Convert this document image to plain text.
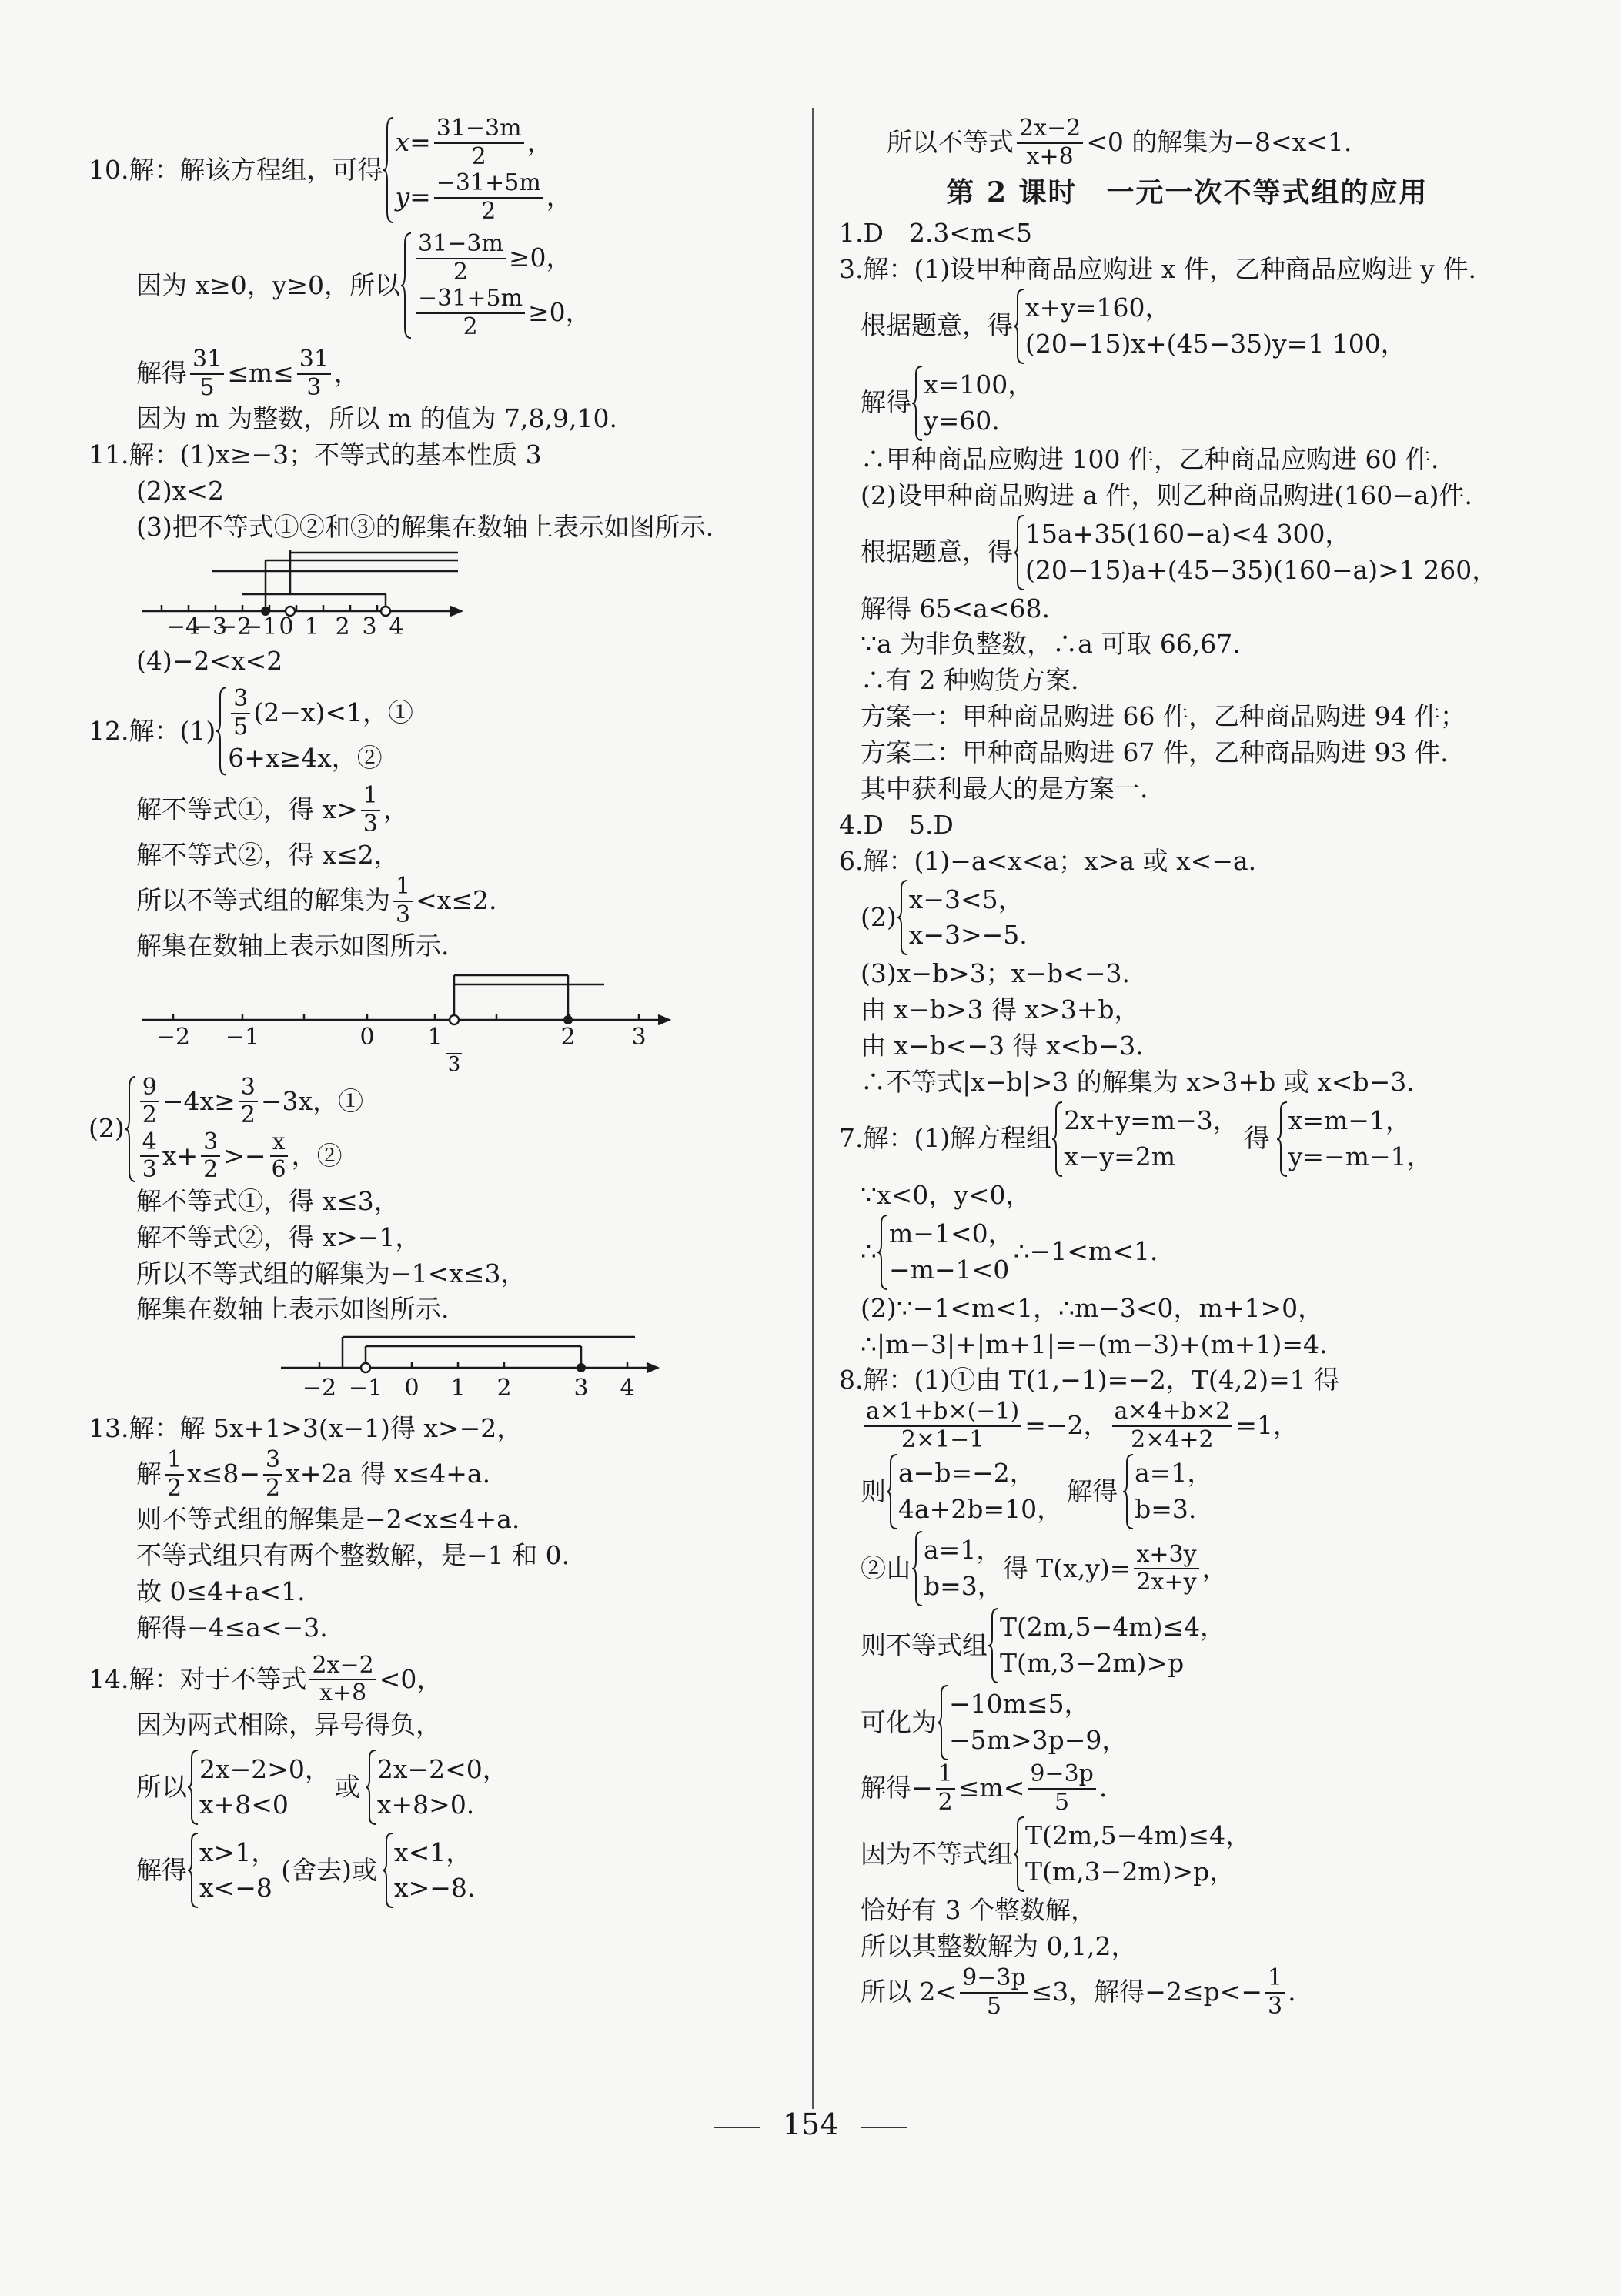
10.解：解该方程组，可得
$x= \frac{31-3m}{2}$ ，
$y= \frac{-31+5m}{2}$ ，
因为 x≥0，y≥0，所以 $\frac{31-3m}{2} \ge 0$，
$\frac{-31+5m}{2} \ge 0$，
解得 $\frac{31}{5} \le m\le \frac{31}{3}$ ，
因为 m 为整数，所以 m 的值为 7,8,9,10.
11.解：(1)x≥−3；不等式的基本性质 3
(2)x<2
(3)把不等式①②和③的解集在数轴上表示如图所示.
−4
−3
−2
−1 0 1 2 3 4
(4)−2<x<2
12.解：$(1) \frac{3}{5} (2-x)<1$，①
6+x≥4x，②
解不等式①，得 $x> \frac{1}{3}$ ，
解不等式②，得 x≤2，
所以不等式组的解集为 $\frac{1}{3} <x\le 2$.
解集在数轴上表示如图所示.
−2 −1	0 1	2 3
3
$(2) \frac{9}{2} -4x\ge \frac{3}{2} -3x$，①
$\frac{4}{3} x+ \frac{3}{2} >- \frac{x}{6}$ ，②
解不等式①，得 x≤3，
解不等式②，得 x>−1，
所以不等式组的解集为−1<x≤3，
解集在数轴上表示如图所示.
−2 −1 0 1 2	3 4
13.解：解 5x+1>3(x−1)得 x>−2，
解 $\frac{1}{2} x\le 8- \frac{3}{2} x+2a$ 得 x≤4+a.
则不等式组的解集是−2<x≤4+a.
不等式组只有两个整数解，是−1 和 0.
故 0≤4+a<1.
解得−4≤a<−3.
14.解：对于不等式 $\frac{2x-2}{x+8} <0$，
因为两式相除，异号得负，
所以
2x−2>0，
x+8<0
或
2x−2<0，
x+8>0.
解得
x>1，
x<−8
(舍去)或
x<1，
x>−8.
所以不等式 $\frac{2x-2}{x+8} <0$ 的解集为−8<x<1.
第 2 课时　一元一次不等式组的应用
1.D　2.3<m<5
3.解：(1)设甲种商品应购进 x 件，乙种商品应购进 y 件.
根据题意，得
x+y=160，
(20−15)x+(45−35)y=1 100，
解得
x=100，
y=60.
∴甲种商品应购进 100 件，乙种商品应购进 60 件.
(2)设甲种商品购进 a 件，则乙种商品购进(160−a)件.
根据题意，得
15a+35(160−a)<4 300，
(20−15)a+(45−35)(160−a)>1 260，
解得 65<a<68.
∵a 为非负整数，∴a 可取 66,67.
∴有 2 种购货方案.
方案一：甲种商品购进 66 件，乙种商品购进 94 件；
方案二：甲种商品购进 67 件，乙种商品购进 93 件.
其中获利最大的是方案一.
4.D　5.D
6.解：(1)−a<x<a；x>a 或 x<−a.
(2)
x−3<5，
x−3>−5.
(3)x−b>3；x−b<−3.
由 x−b>3 得 x>3+b，
由 x−b<−3 得 x<b−3.
∴不等式|x−b|>3 的解集为 x>3+b 或 x<b−3.
7.解：(1)解方程组
2x+y=m−3，
x−y=2m
得
x=m−1，
y=−m−1，
∵x<0，y<0，
∴
m−1<0，
−m−1<0
∴−1<m<1.
(2)∵−1<m<1，∴m−3<0，m+1>0，
∴|m−3|+|m+1|=−(m−3)+(m+1)=4.
8.解：(1)①由 T(1,−1)=−2，T(4,2)=1 得
$\frac{a\times 1+b\times(-1)}{2\times 1-1} =-2$， $\frac{a\times 4+b\times 2}{2\times 4+2} =1$，
则
a−b=−2，
4a+2b=10，
解得
a=1，
b=3.
②由
a=1，
b=3，
得 $T(x,y)= \frac{x+3y}{2x+y}$ ，
则不等式组
T(2m,5−4m)≤4，
T(m,3−2m)>p
可化为
−10m≤5，
−5m>3p−9，
解得− $\frac{1}{2} \le m< \frac{9-3p}{5}$ .
因为不等式组
T(2m,5−4m)≤4，
T(m,3−2m)>p，
恰好有 3 个整数解，
所以其整数解为 0,1,2，
所以 $2< \frac{9-3p}{5} \le 3$，解得$-2\le p<- \frac{1}{3}$ .
154
